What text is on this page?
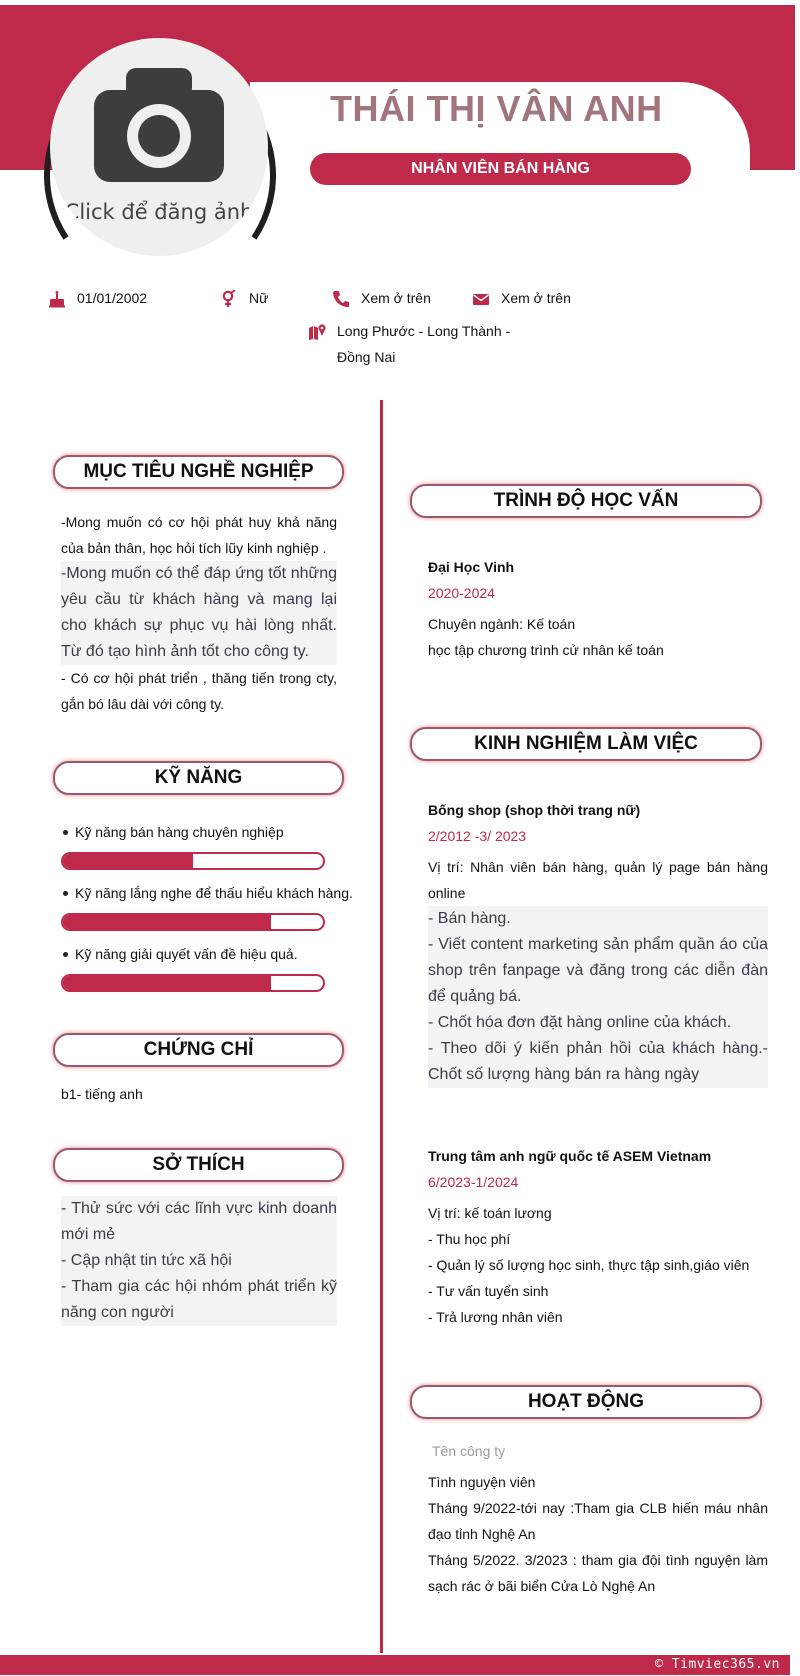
Click để đăng ảnh
THÁI THỊ VÂN ANH
NHÂN VIÊN BÁN HÀNG
01/01/2002	Nữ	Xem ở trên	Xem ở trên
Long Phước - Long Thành - Đồng Nai
MỤC TIÊU NGHỀ NGHIỆP
-Mong muốn có cơ hội phát huy khả năng của bản thân, học hỏi tích lũy kinh nghiệp .
-Mong muốn có thể đáp ứng tốt những yêu cầu từ khách hàng và mang lại cho khách sự phục vụ hài lòng nhất. Từ đó tạo hình ảnh tốt cho công ty.
- Có cơ hội phát triển , thăng tiến trong cty, gắn bó lâu dài với công ty.
KỸ NĂNG
Kỹ năng bán hàng chuyên nghiệp
Kỹ năng lắng nghe để thấu hiểu khách hàng.
Kỹ năng giải quyết vấn đề hiệu quả.
CHỨNG CHỈ
b1- tiếng anh
SỞ THÍCH
- Thử sức với các lĩnh vực kinh doanh mới mẻ
- Cập nhật tin tức xã hội
- Tham gia các hội nhóm phát triển kỹ năng con người
TRÌNH ĐỘ HỌC VẤN
Đại Học Vinh
2020-2024
Chuyên ngành: Kế toán
học tập chương trình cử nhân kế toán
KINH NGHIỆM LÀM VIỆC
Bống shop (shop thời trang nữ)
2/2012 -3/ 2023
Vị trí: Nhân viên bán hàng, quản lý page bán hàng online
- Bán hàng.
- Viết content marketing sản phẩm quần áo của shop trên fanpage và đăng trong các diễn đàn để quảng bá.
- Chốt hóa đơn đặt hàng online của khách.
- Theo dõi ý kiến phản hồi của khách hàng.- Chốt số lượng hàng bán ra hàng ngày
Trung tâm anh ngữ quốc tế ASEM Vietnam
6/2023-1/2024
Vị trí: kế toán lương
- Thu học phí
- Quản lý số lượng học sinh, thực tập sinh,giáo viên
- Tư vấn tuyển sinh
- Trả lương nhân viên
HOẠT ĐỘNG
Tên công ty
Tình nguyện viên
Tháng 9/2022-tới nay :Tham gia CLB hiến máu nhân đạo tỉnh Nghệ An
Tháng 5/2022. 3/2023 : tham gia đội tình nguyện làm sạch rác ở bãi biển Cửa Lò Nghệ An
© Timviec365.vn
